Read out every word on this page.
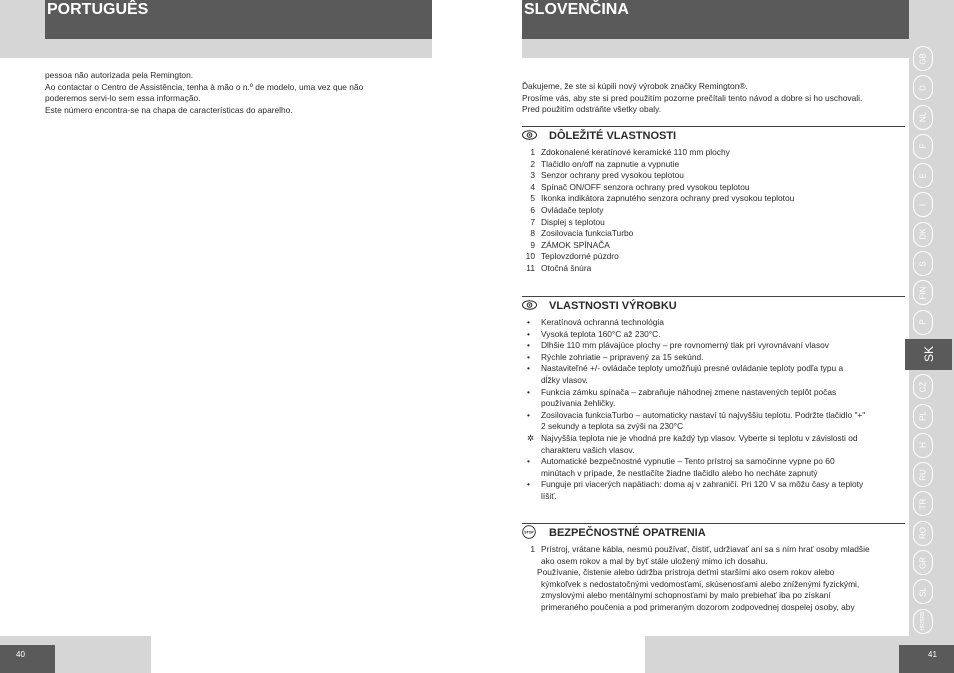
PORTUGUÊS	SLOVENČINA

pessoa não autorizada pela Remington.

Ao contactar o Centro de Assistência, tenha à mão o n.º de modelo, uma vez que não

poderemos servi-lo sem essa informação.

Este número encontra-se na chapa de características do aparelho.

Ďakujeme, že ste si kúpili nový výrobok značky Remington®.

Prosíme vás, aby ste si pred použitím pozorne prečítali tento návod a dobre si ho uschovali.

Pred použitím odstráňte všetky obaly.

DÔLEŽITÉ VLASTNOSTI
1 Zdokonalené keratínové keramické 110 mm plochy
2 Tlačidlo on/off na zapnutie a vypnutie
3 Senzor ochrany pred vysokou teplotou
4 Spínač ON/OFF senzora ochrany pred vysokou teplotou
5 Ikonka indikátora zapnutého senzora ochrany pred vysokou teplotou
6 Ovládače teploty
7 Displej s teplotou
8 Zosilovacia funkciaTurbo
9 ZÁMOK SPÍNAČA
10 Teplovzdorné púzdro
11 Otočná šnúra
VLASTNOSTI VÝROBKU
• Keratínová ochranná technológia
• Vysoká teplota 160°C až 230°C.
• Dlhšie 110 mm plávajúce plochy – pre rovnomerný tlak pri vyrovnávaní vlasov
• Rýchle zohriatie – pripravený za 15 sekúnd.
• Nastaviteľné +/- ovládače teploty umožňujú presné ovládanie teploty podľa typu a
dĺžky vlasov.
• Funkcia zámku spínača – zabraňuje náhodnej zmene nastavených teplôt počas
používania žehličky.
• Zosilovacia funkciaTurbo – automaticky nastaví tú najvyššiu teplotu. Podržte tlačidlo "+"
2 sekundy a teplota sa zvýši na 230°C
✲ Najvyššia teplota nie je vhodná pre každý typ vlasov. Vyberte si teplotu v závislosti od
charakteru vašich vlasov.
• Automatické bezpečnostné vypnutie – Tento prístroj sa samočinne vypne po 60
minútach v prípade, že nestlačíte žiadne tlačidlo alebo ho necháte zapnutý
• Funguje pri viacerých napätiach: doma aj v zahraničí. Pri 120 V sa môžu časy a teploty
líšiť.
STOP BEZPEČNOSTNÉ OPATRENIA
1 Prístroj, vrátane kábla, nesmú používať, čistiť, udržiavať ani sa s ním hrať osoby mladšie
ako osem rokov a mal by byť stále uložený mimo ich dosahu.
Používanie, čistenie alebo údržba prístroja deťmi staršími ako osem rokov alebo
kýmkoľvek s nedostatočnými vedomosťami, skúsenosťami alebo zníženými fyzickými,
zmyslovými alebo mentálnymi schopnosťami by malo prebiehať iba po získaní
primeraného poučenia a pod primeraným dozorom zodpovednej dospelej osoby, aby
GB
D
NL
F
E
I
DK
S
FIN
P
SK
CZ
PL
H
RU
TR
RO
GR
SL
HR/SRB
40	41
